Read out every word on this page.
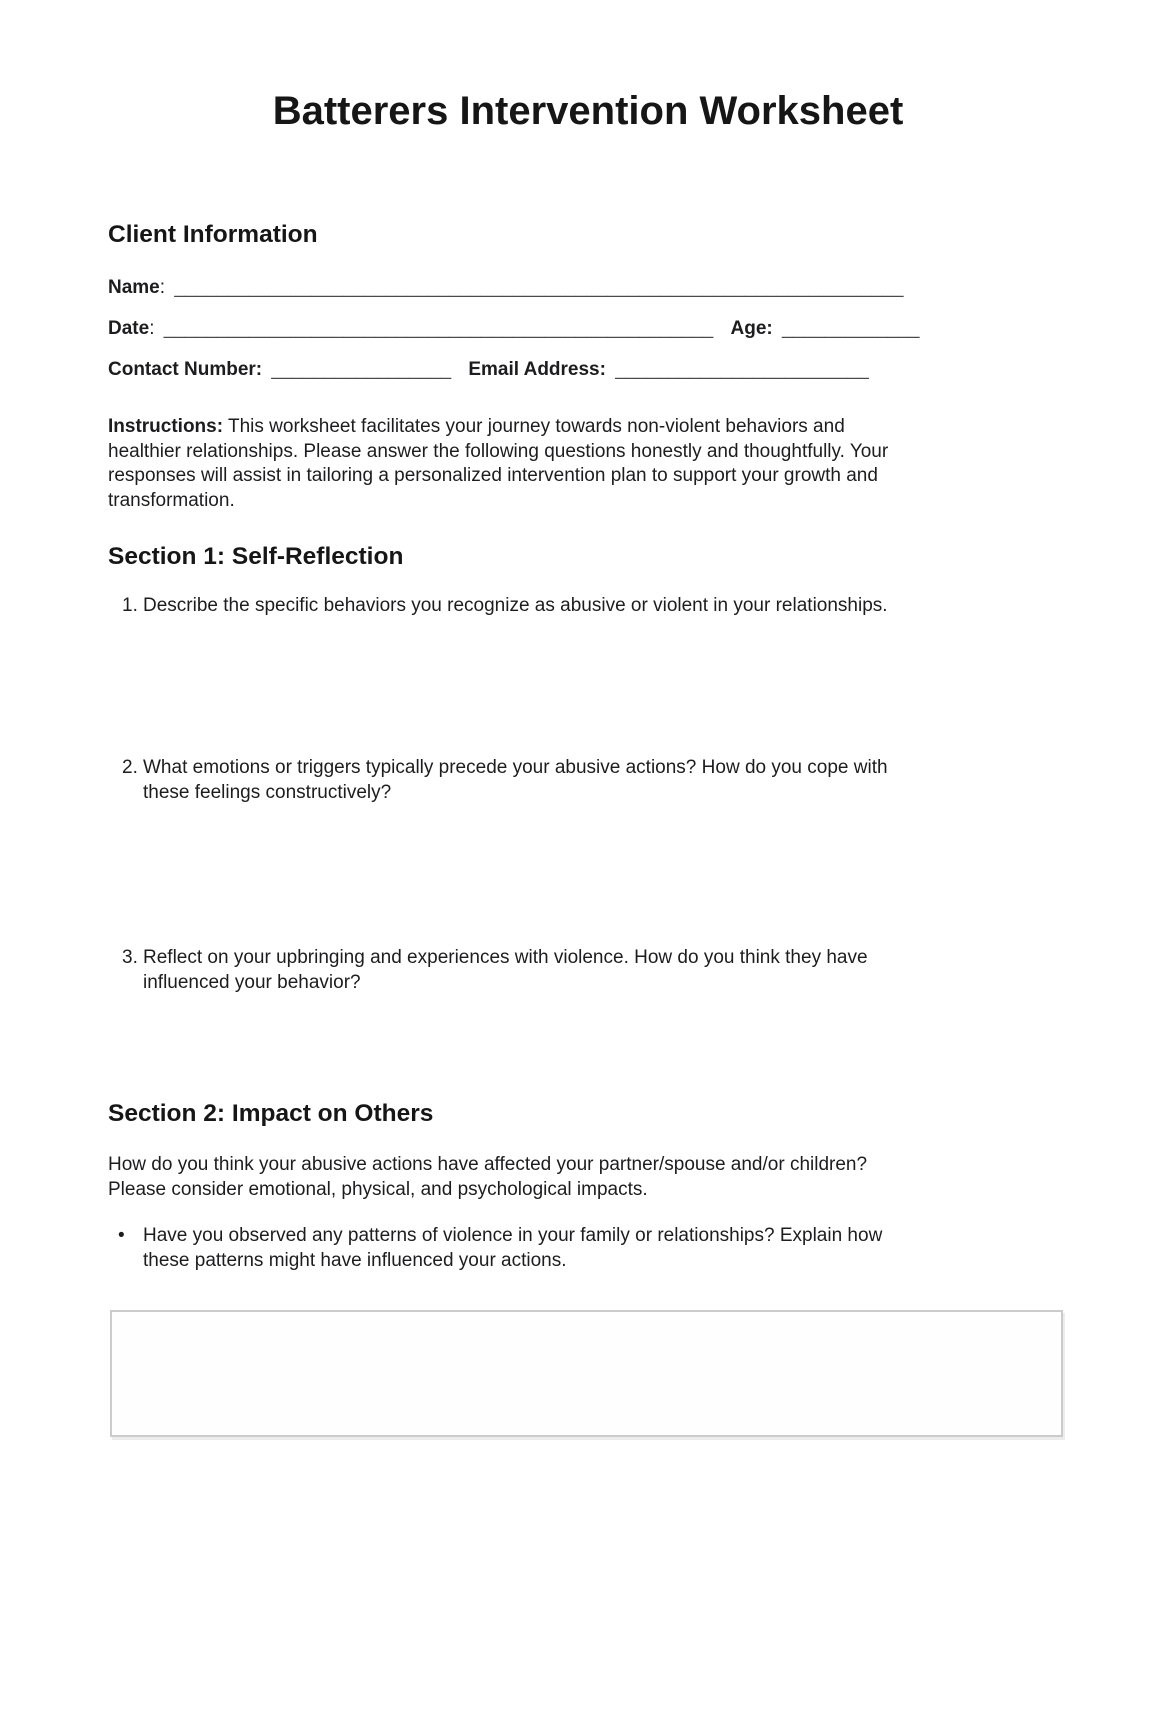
Batterers Intervention Worksheet
Client Information
Name: _____________________________________________________________________
Date: ____________________________________________________ Age: _____________
Contact Number: _________________ Email Address: ________________________
Instructions: This worksheet facilitates your journey towards non-violent behaviors and
healthier relationships. Please answer the following questions honestly and thoughtfully. Your
responses will assist in tailoring a personalized intervention plan to support your growth and
transformation.
Section 1: Self-Reflection
1. Describe the specific behaviors you recognize as abusive or violent in your relationships.
2. What emotions or triggers typically precede your abusive actions? How do you cope with
these feelings constructively?
3. Reflect on your upbringing and experiences with violence. How do you think they have
influenced your behavior?
Section 2: Impact on Others
How do you think your abusive actions have affected your partner/spouse and/or children?
Please consider emotional, physical, and psychological impacts.
• Have you observed any patterns of violence in your family or relationships? Explain how
these patterns might have influenced your actions.
